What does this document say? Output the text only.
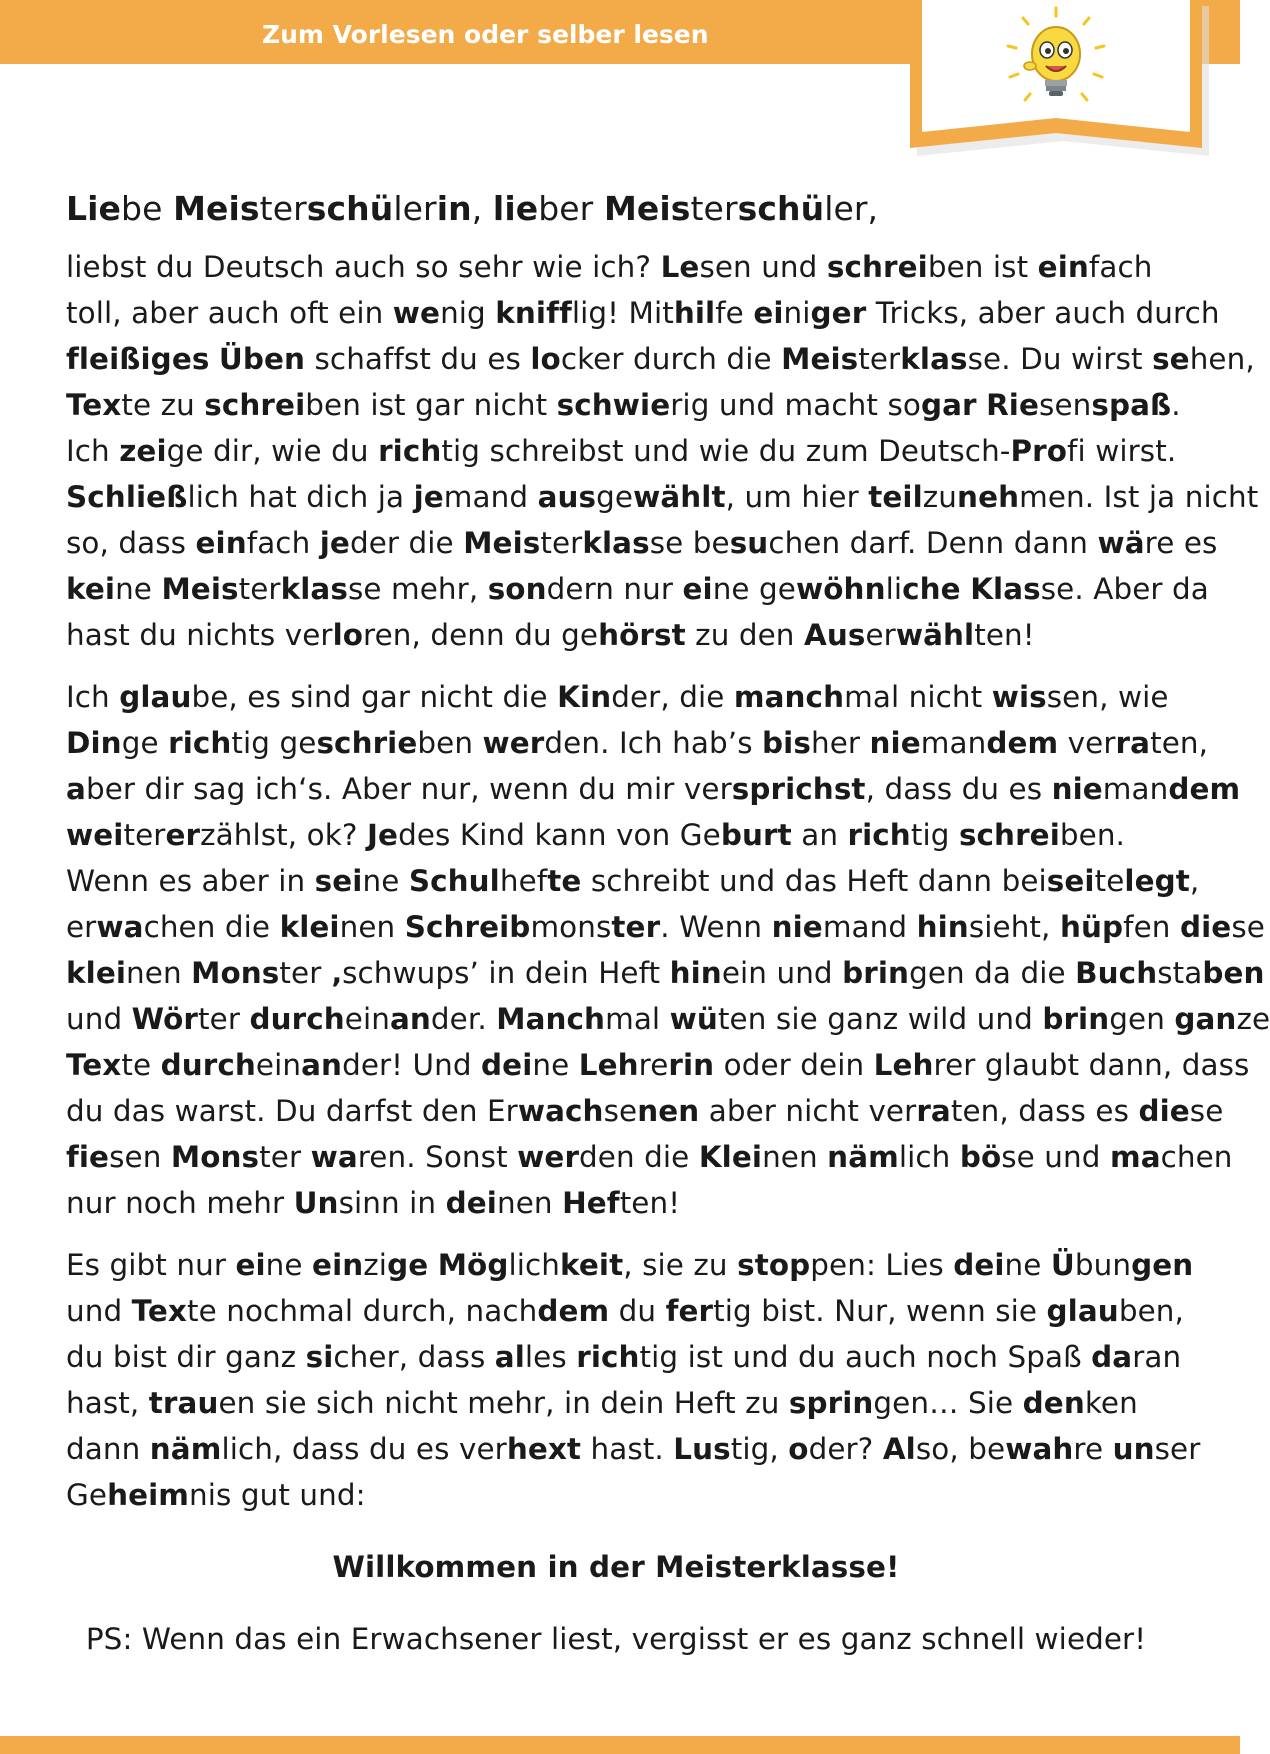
Zum Vorlesen oder selber lesen
Liebe Meisterschülerin, lieber Meisterschüler,
liebst du Deutsch auch so sehr wie ich? Lesen und schreiben ist einfach
toll, aber auch oft ein wenig knifflig! Mithilfe einiger Tricks, aber auch durch
fleißiges Üben schaffst du es locker durch die Meisterklasse. Du wirst sehen,
Texte zu schreiben ist gar nicht schwierig und macht sogar Riesenspaß.
Ich zeige dir, wie du richtig schreibst und wie du zum Deutsch-Profi wirst.
Schließlich hat dich ja jemand ausgewählt, um hier teilzunehmen. Ist ja nicht
so, dass einfach jeder die Meisterklasse besuchen darf. Denn dann wäre es
keine Meisterklasse mehr, sondern nur eine gewöhnliche Klasse. Aber da
hast du nichts verloren, denn du gehörst zu den Auserwählten!
Ich glaube, es sind gar nicht die Kinder, die manchmal nicht wissen, wie
Dinge richtig geschrieben werden. Ich hab’s bisher niemandem verraten,
aber dir sag ich‘s. Aber nur, wenn du mir versprichst, dass du es niemandem
weitererzählst, ok? Jedes Kind kann von Geburt an richtig schreiben.
Wenn es aber in seine Schulhefte schreibt und das Heft dann beiseitelegt,
erwachen die kleinen Schreibmonster. Wenn niemand hinsieht, hüpfen diese
kleinen Monster ‚schwups’ in dein Heft hinein und bringen da die Buchstaben
und Wörter durcheinander. Manchmal wüten sie ganz wild und bringen ganze
Texte durcheinander! Und deine Lehrerin oder dein Lehrer glaubt dann, dass
du das warst. Du darfst den Erwachsenen aber nicht verraten, dass es diese
fiesen Monster waren. Sonst werden die Kleinen nämlich böse und machen
nur noch mehr Unsinn in deinen Heften!
Es gibt nur eine einzige Möglichkeit, sie zu stoppen: Lies deine Übungen
und Texte nochmal durch, nachdem du fertig bist. Nur, wenn sie glauben,
du bist dir ganz sicher, dass alles richtig ist und du auch noch Spaß daran
hast, trauen sie sich nicht mehr, in dein Heft zu springen… Sie denken
dann nämlich, dass du es verhext hast. Lustig, oder? Also, bewahre unser
Geheimnis gut und:
Willkommen in der Meisterklasse!
PS: Wenn das ein Erwachsener liest, vergisst er es ganz schnell wieder!
